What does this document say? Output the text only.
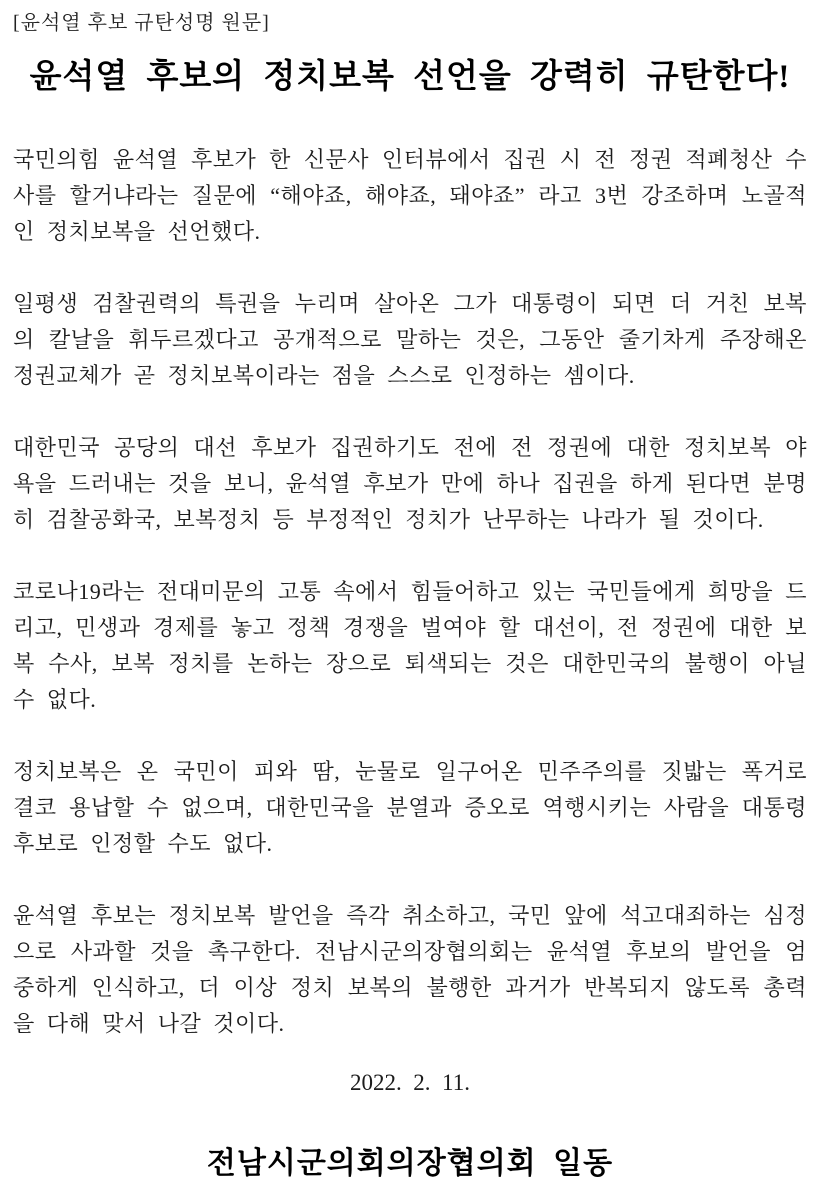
[윤석열 후보 규탄성명 원문]
윤석열 후보의 정치보복 선언을 강력히 규탄한다!

국민의힘 윤석열 후보가 한 신문사 인터뷰에서 집권 시 전 정권 적폐청산 수사를 할거냐라는 질문에 “해야죠, 해야죠, 돼야죠” 라고 3번 강조하며 노골적인 정치보복을 선언했다.

일평생 검찰권력의 특권을 누리며 살아온 그가 대통령이 되면 더 거친 보복의 칼날을 휘두르겠다고 공개적으로 말하는 것은, 그동안 줄기차게 주장해온 정권교체가 곧 정치보복이라는 점을 스스로 인정하는 셈이다.

대한민국 공당의 대선 후보가 집권하기도 전에 전 정권에 대한 정치보복 야욕을 드러내는 것을 보니, 윤석열 후보가 만에 하나 집권을 하게 된다면 분명히 검찰공화국, 보복정치 등 부정적인 정치가 난무하는 나라가 될 것이다.

코로나19라는 전대미문의 고통 속에서 힘들어하고 있는 국민들에게 희망을 드리고, 민생과 경제를 놓고 정책 경쟁을 벌여야 할 대선이, 전 정권에 대한 보복 수사, 보복 정치를 논하는 장으로 퇴색되는 것은 대한민국의 불행이 아닐 수 없다.

정치보복은 온 국민이 피와 땀, 눈물로 일구어온 민주주의를 짓밟는 폭거로 결코 용납할 수 없으며, 대한민국을 분열과 증오로 역행시키는 사람을 대통령 후보로 인정할 수도 없다.

윤석열 후보는 정치보복 발언을 즉각 취소하고, 국민 앞에 석고대죄하는 심정으로 사과할 것을 촉구한다. 전남시군의장협의회는 윤석열 후보의 발언을 엄중하게 인식하고, 더 이상 정치 보복의 불행한 과거가 반복되지 않도록 총력을 다해 맞서 나갈 것이다.

2022.  2.  11.
전남시군의회의장협의회 일동
